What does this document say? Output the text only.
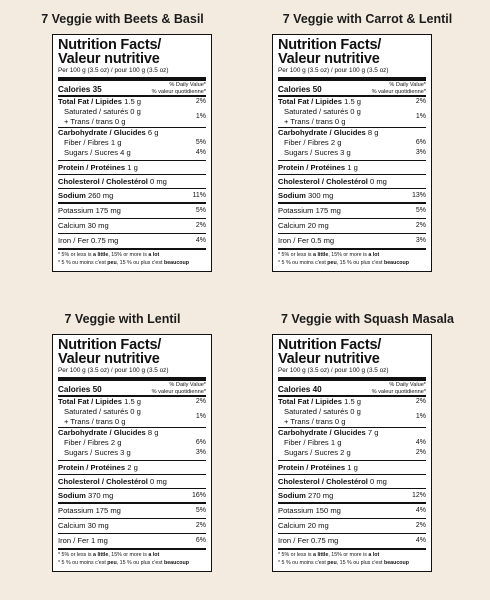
7 Veggie with Beets & Basil
Nutrition Facts/
Valeur nutritive
Per 100 g (3.5 oz) / pour 100 g (3.5 oz)
Calories 35	% Daily Value*
% valeur quotidienne*
Total Fat / Lipides 1.5 g	2%
Saturated / saturés 0 g
+ Trans / trans 0 g
1%
Carbohydrate / Glucides 6 g
Fiber / Fibres 1 g	5%
Sugars / Sucres 4 g	4%
Protein / Protéines 1 g
Cholesterol / Cholestérol 0 mg
Sodium 260 mg	11%
Potassium 175 mg	5%
Calcium 30 mg	2%
Iron / Fer 0.75 mg	4%
* 5% or less is a little, 15% or more is a lot
* 5 % ou moins c'est peu, 15 % ou plus c'est beaucoup
7 Veggie with Carrot & Lentil
Nutrition Facts/
Valeur nutritive
Per 100 g (3.5 oz) / pour 100 g (3.5 oz)
Calories 50	% Daily Value*
% valeur quotidienne*
Total Fat / Lipides 1.5 g	2%
Saturated / saturés 0 g
+ Trans / trans 0 g
1%
Carbohydrate / Glucides 8 g
Fiber / Fibres 2 g	6%
Sugars / Sucres 3 g	3%
Protein / Protéines 1 g
Cholesterol / Cholestérol 0 mg
Sodium 300 mg	13%
Potassium 175 mg	5%
Calcium 20 mg	2%
Iron / Fer 0.5 mg	3%
* 5% or less is a little, 15% or more is a lot
* 5 % ou moins c'est peu, 15 % ou plus c'est beaucoup
7 Veggie with Lentil
Nutrition Facts/
Valeur nutritive
Per 100 g (3.5 oz) / pour 100 g (3.5 oz)
Calories 50	% Daily Value*
% valeur quotidienne*
Total Fat / Lipides 1.5 g	2%
Saturated / saturés 0 g
+ Trans / trans 0 g
1%
Carbohydrate / Glucides 8 g
Fiber / Fibres 2 g	6%
Sugars / Sucres 3 g	3%
Protein / Protéines 2 g
Cholesterol / Cholestérol 0 mg
Sodium 370 mg	16%
Potassium 175 mg	5%
Calcium 30 mg	2%
Iron / Fer 1 mg	6%
* 5% or less is a little, 15% or more is a lot
* 5 % ou moins c'est peu, 15 % ou plus c'est beaucoup
7 Veggie with Squash Masala
Nutrition Facts/
Valeur nutritive
Per 100 g (3.5 oz) / pour 100 g (3.5 oz)
Calories 40	% Daily Value*
% valeur quotidienne*
Total Fat / Lipides 1.5 g	2%
Saturated / saturés 0 g
+ Trans / trans 0 g
1%
Carbohydrate / Glucides 7 g
Fiber / Fibres 1 g	4%
Sugars / Sucres 2 g	2%
Protein / Protéines 1 g
Cholesterol / Cholestérol 0 mg
Sodium 270 mg	12%
Potassium 150 mg	4%
Calcium 20 mg	2%
Iron / Fer 0.75 mg	4%
* 5% or less is a little, 15% or more is a lot
* 5 % ou moins c'est peu, 15 % ou plus c'est beaucoup
